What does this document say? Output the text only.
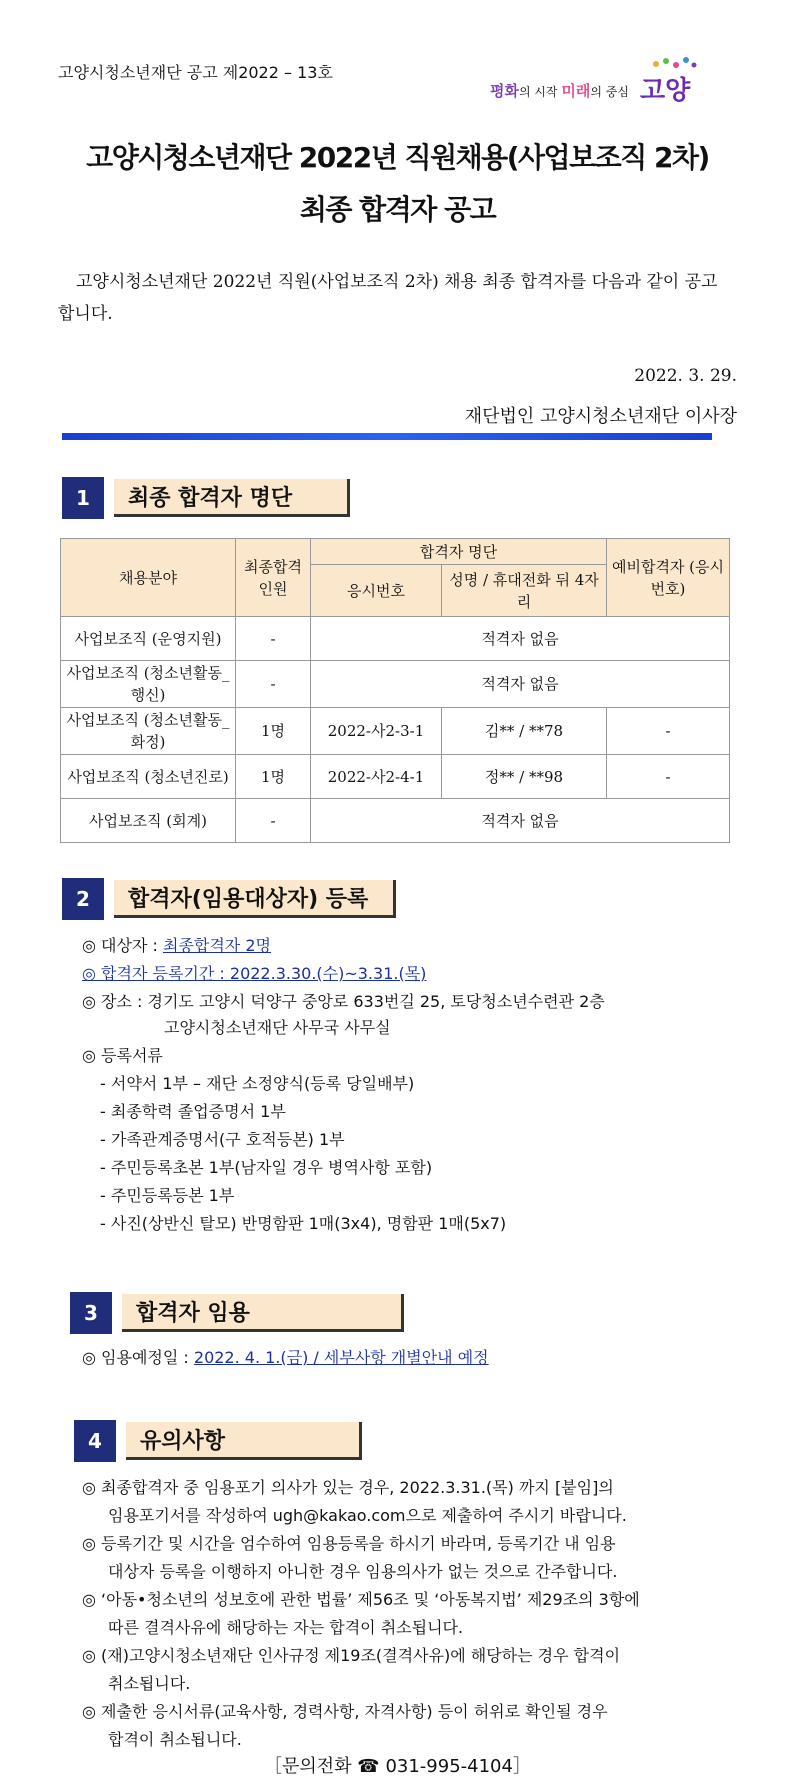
고양시청소년재단 공고 제2022 – 13호
평화의 시작 미래의 중심 고양
고양시청소년재단 2022년 직원채용(사업보조직 2차)
최종 합격자 공고
고양시청소년재단 2022년 직원(사업보조직 2차) 채용 최종 합격자를 다음과 같이 공고 합니다.
2022. 3. 29.
재단법인 고양시청소년재단 이사장
1	최종 합격자 명단
채용분야	최종합격 인원	합격자 명단		예비합격자 (응시번호)
		응시번호	성명 / 휴대전화 뒤 4자리	
사업보조직 (운영지원)	-	적격자 없음		
사업보조직 (청소년활동_행신)	-	적격자 없음		
사업보조직 (청소년활동_화정)	1명	2022-사2-3-1	김** / **78	-
사업보조직 (청소년진로)	1명	2022-사2-4-1	정** / **98	-
사업보조직 (회계)	-	적격자 없음		
2	합격자(임용대상자) 등록
◎ 대상자 : 최종합격자 2명
◎ 합격자 등록기간 : 2022.3.30.(수)~3.31.(목)
◎ 장소 : 경기도 고양시 덕양구 중앙로 633번길 25, 토당청소년수련관 2층
고양시청소년재단 사무국 사무실
◎ 등록서류
- 서약서 1부 – 재단 소정양식(등록 당일배부)
- 최종학력 졸업증명서 1부
- 가족관계증명서(구 호적등본) 1부
- 주민등록초본 1부(남자일 경우 병역사항 포함)
- 주민등록등본 1부
- 사진(상반신 탈모) 반명함판 1매(3x4), 명함판 1매(5x7)
3	합격자 임용
◎ 임용예정일 : 2022. 4. 1.(금) / 세부사항 개별안내 예정
4	유의사항
◎ 최종합격자 중 임용포기 의사가 있는 경우, 2022.3.31.(목) 까지 [붙임]의
임용포기서를 작성하여 ugh@kakao.com으로 제출하여 주시기 바랍니다.
◎ 등록기간 및 시간을 엄수하여 임용등록을 하시기 바라며, 등록기간 내 임용
대상자 등록을 이행하지 아니한 경우 임용의사가 없는 것으로 간주합니다.
◎ ‘아동•청소년의 성보호에 관한 법률’ 제56조 및 ‘아동복지법’ 제29조의 3항에
따른 결격사유에 해당하는 자는 합격이 취소됩니다.
◎ (재)고양시청소년재단 인사규정 제19조(결격사유)에 해당하는 경우 합격이
취소됩니다.
◎ 제출한 응시서류(교육사항, 경력사항, 자격사항) 등이 허위로 확인될 경우
합격이 취소됩니다.
［문의전화 ☎ 031-995-4104］
